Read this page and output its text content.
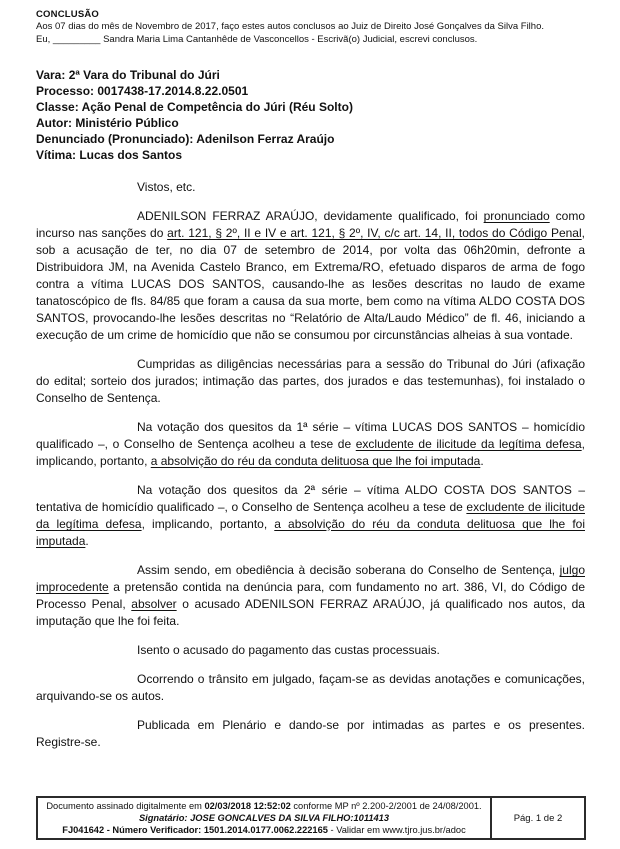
CONCLUSÃO
Aos 07 dias do mês de Novembro de 2017, faço estes autos conclusos ao Juiz de Direito José Gonçalves da Silva Filho. Eu, _________ Sandra Maria Lima Cantanhêde de Vasconcellos - Escrivã(o) Judicial, escrevi conclusos.
Vara: 2ª Vara do Tribunal do Júri
Processo: 0017438-17.2014.8.22.0501
Classe: Ação Penal de Competência do Júri (Réu Solto)
Autor: Ministério Público
Denunciado (Pronunciado): Adenilson Ferraz Araújo
Vítima: Lucas dos Santos

Vistos, etc.

ADENILSON FERRAZ ARAÚJO, devidamente qualificado, foi pronunciado como incurso nas sanções do art. 121, § 2º, II e IV e art. 121, § 2º, IV, c/c art. 14, II, todos do Código Penal, sob a acusação de ter, no dia 07 de setembro de 2014, por volta das 06h20min, defronte a Distribuidora JM, na Avenida Castelo Branco, em Extrema/RO, efetuado disparos de arma de fogo contra a vítima LUCAS DOS SANTOS, causando-lhe as lesões descritas no laudo de exame tanatoscópico de fls. 84/85 que foram a causa da sua morte, bem como na vítima ALDO COSTA DOS SANTOS, provocando-lhe lesões descritas no “Relatório de Alta/Laudo Médico” de fl. 46, iniciando a execução de um crime de homicídio que não se consumou por circunstâncias alheias à sua vontade.

Cumpridas as diligências necessárias para a sessão do Tribunal do Júri (afixação do edital; sorteio dos jurados; intimação das partes, dos jurados e das testemunhas), foi instalado o Conselho de Sentença.

Na votação dos quesitos da 1ª série – vítima LUCAS DOS SANTOS – homicídio qualificado –, o Conselho de Sentença acolheu a tese de excludente de ilicitude da legítima defesa, implicando, portanto, a absolvição do réu da conduta delituosa que lhe foi imputada.

Na votação dos quesitos da 2ª série – vítima ALDO COSTA DOS SANTOS – tentativa de homicídio qualificado –, o Conselho de Sentença acolheu a tese de excludente de ilicitude da legítima defesa, implicando, portanto, a absolvição do réu da conduta delituosa que lhe foi imputada.

Assim sendo, em obediência à decisão soberana do Conselho de Sentença, julgo improcedente a pretensão contida na denúncia para, com fundamento no art. 386, VI, do Código de Processo Penal, absolver o acusado ADENILSON FERRAZ ARAÚJO, já qualificado nos autos, da imputação que lhe foi feita.

Isento o acusado do pagamento das custas processuais.

Ocorrendo o trânsito em julgado, façam-se as devidas anotações e comunicações, arquivando-se os autos.

Publicada em Plenário e dando-se por intimadas as partes e os presentes. Registre-se.

Documento assinado digitalmente em 02/03/2018 12:52:02 conforme MP nº 2.200-2/2001 de 24/08/2001.
Signatário: JOSE GONCALVES DA SILVA FILHO:1011413
FJ041642 - Número Verificador: 1501.2014.0177.0062.222165 - Validar em www.tjro.jus.br/adoc
Pág. 1 de 2
